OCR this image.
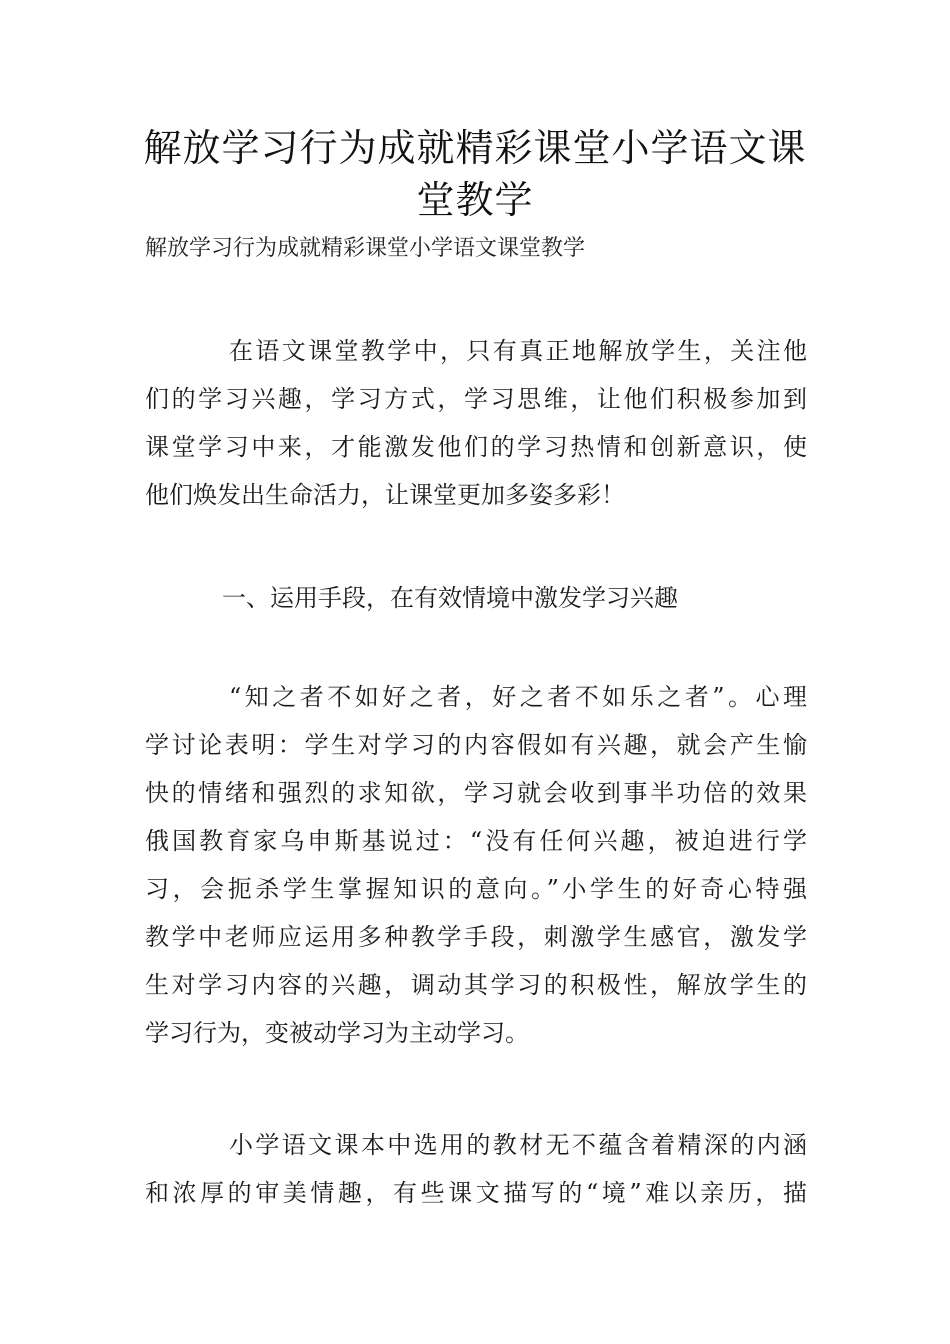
解放学习行为成就精彩课堂小学语文课
堂教学

解放学习行为成就精彩课堂小学语文课堂教学

在语文课堂教学中，只有真正地解放学生，关注他
们的学习兴趣，学习方式，学习思维，让他们积极参加到
课堂学习中来，才能激发他们的学习热情和创新意识，使
他们焕发出生命活力，让课堂更加多姿多彩！

一、运用手段，在有效情境中激发学习兴趣

“知之者不如好之者，好之者不如乐之者”。心理
学讨论表明：学生对学习的内容假如有兴趣，就会产生愉
快的情绪和强烈的求知欲，学习就会收到事半功倍的效果
俄国教育家乌申斯基说过：“没有任何兴趣，被迫进行学
习，会扼杀学生掌握知识的意向。”小学生的好奇心特强
教学中老师应运用多种教学手段，刺激学生感官，激发学
生对学习内容的兴趣，调动其学习的积极性，解放学生的
学习行为，变被动学习为主动学习。
小学语文课本中选用的教材无不蕴含着精深的内涵
和浓厚的审美情趣，有些课文描写的“境”难以亲历，描
